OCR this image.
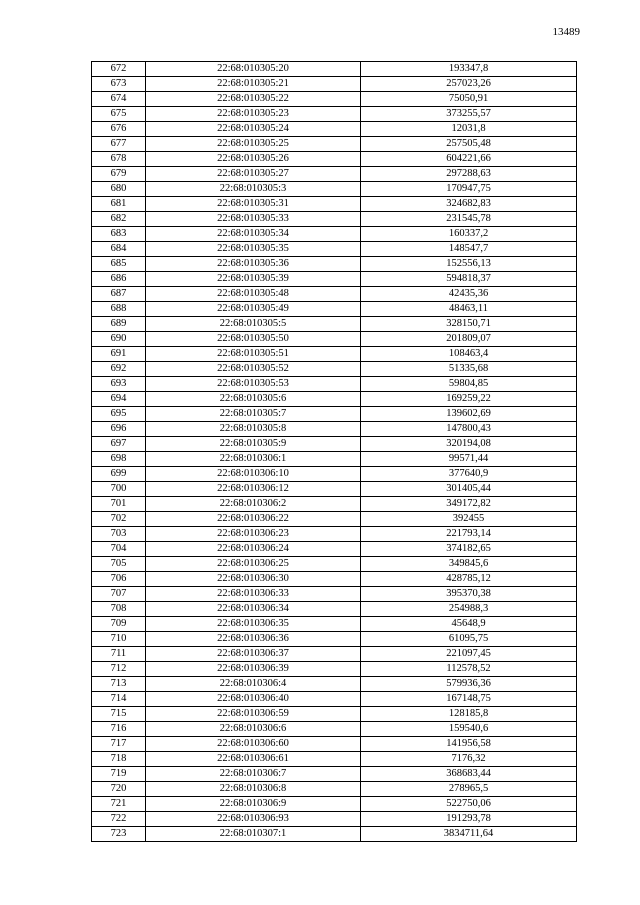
13489
672	22:68:010305:20	193347,8
673	22:68:010305:21	257023,26
674	22:68:010305:22	75050,91
675	22:68:010305:23	373255,57
676	22:68:010305:24	12031,8
677	22:68:010305:25	257505,48
678	22:68:010305:26	604221,66
679	22:68:010305:27	297288,63
680	22:68:010305:3	170947,75
681	22:68:010305:31	324682,83
682	22:68:010305:33	231545,78
683	22:68:010305:34	160337,2
684	22:68:010305:35	148547,7
685	22:68:010305:36	152556,13
686	22:68:010305:39	594818,37
687	22:68:010305:48	42435,36
688	22:68:010305:49	48463,11
689	22:68:010305:5	328150,71
690	22:68:010305:50	201809,07
691	22:68:010305:51	108463,4
692	22:68:010305:52	51335,68
693	22:68:010305:53	59804,85
694	22:68:010305:6	169259,22
695	22:68:010305:7	139602,69
696	22:68:010305:8	147800,43
697	22:68:010305:9	320194,08
698	22:68:010306:1	99571,44
699	22:68:010306:10	377640,9
700	22:68:010306:12	301405,44
701	22:68:010306:2	349172,82
702	22:68:010306:22	392455
703	22:68:010306:23	221793,14
704	22:68:010306:24	374182,65
705	22:68:010306:25	349845,6
706	22:68:010306:30	428785,12
707	22:68:010306:33	395370,38
708	22:68:010306:34	254988,3
709	22:68:010306:35	45648,9
710	22:68:010306:36	61095,75
711	22:68:010306:37	221097,45
712	22:68:010306:39	112578,52
713	22:68:010306:4	579936,36
714	22:68:010306:40	167148,75
715	22:68:010306:59	128185,8
716	22:68:010306:6	159540,6
717	22:68:010306:60	141956,58
718	22:68:010306:61	7176,32
719	22:68:010306:7	368683,44
720	22:68:010306:8	278965,5
721	22:68:010306:9	522750,06
722	22:68:010306:93	191293,78
723	22:68:010307:1	3834711,64
